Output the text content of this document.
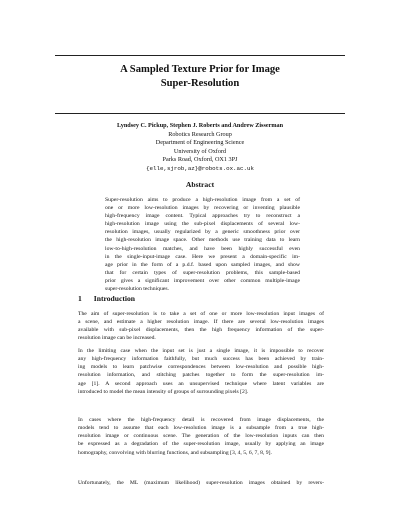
A Sampled Texture Prior for Image
Super-Resolution
Lyndsey C. Pickup, Stephen J. Roberts and Andrew Zisserman
Robotics Research Group
Department of Engineering Science
University of Oxford
Parks Road, Oxford, OX1 3PJ
{elle,sjrob,az}@robots.ox.ac.uk
Abstract
Super-resolution aims to produce a high-resolution image from a set of
one or more low-resolution images by recovering or inventing plausible
high-frequency image content. Typical approaches try to reconstruct a
high-resolution image using the sub-pixel displacements of several low-
resolution images, usually regularized by a generic smoothness prior over
the high-resolution image space. Other methods use training data to learn
low-to-high-resolution matches, and have been highly successful even
in the single-input-image case. Here we present a domain-specific im-
age prior in the form of a p.d.f. based upon sampled images, and show
that for certain types of super-resolution problems, this sample-based
prior gives a significant improvement over other common multiple-image
super-resolution techniques.
1 Introduction
The aim of super-resolution is to take a set of one or more low-resolution input images of
a scene, and estimate a higher resolution image. If there are several low-resolution images
available with sub-pixel displacements, then the high frequency information of the super-
resolution image can be increased.
In the limiting case when the input set is just a single image, it is impossible to recover
any high-frequency information faithfully, but much success has been achieved by train-
ing models to learn patchwise correspondences between low-resolution and possible high-
resolution information, and stitching patches together to form the super-resolution im-
age [1]. A second approach uses an unsupervised technique where latent variables are
introduced to model the mean intensity of groups of surrounding pixels [2].
In cases where the high-frequency detail is recovered from image displacements, the
models tend to assume that each low-resolution image is a subsample from a true high-
resolution image or continuous scene. The generation of the low-resolution inputs can then
be expressed as a degradation of the super-resolution image, usually by applying an image
homography, convolving with blurring functions, and subsampling [3, 4, 5, 6, 7, 8, 9].
Unfortunately, the ML (maximum likelihood) super-resolution images obtained by revers-
